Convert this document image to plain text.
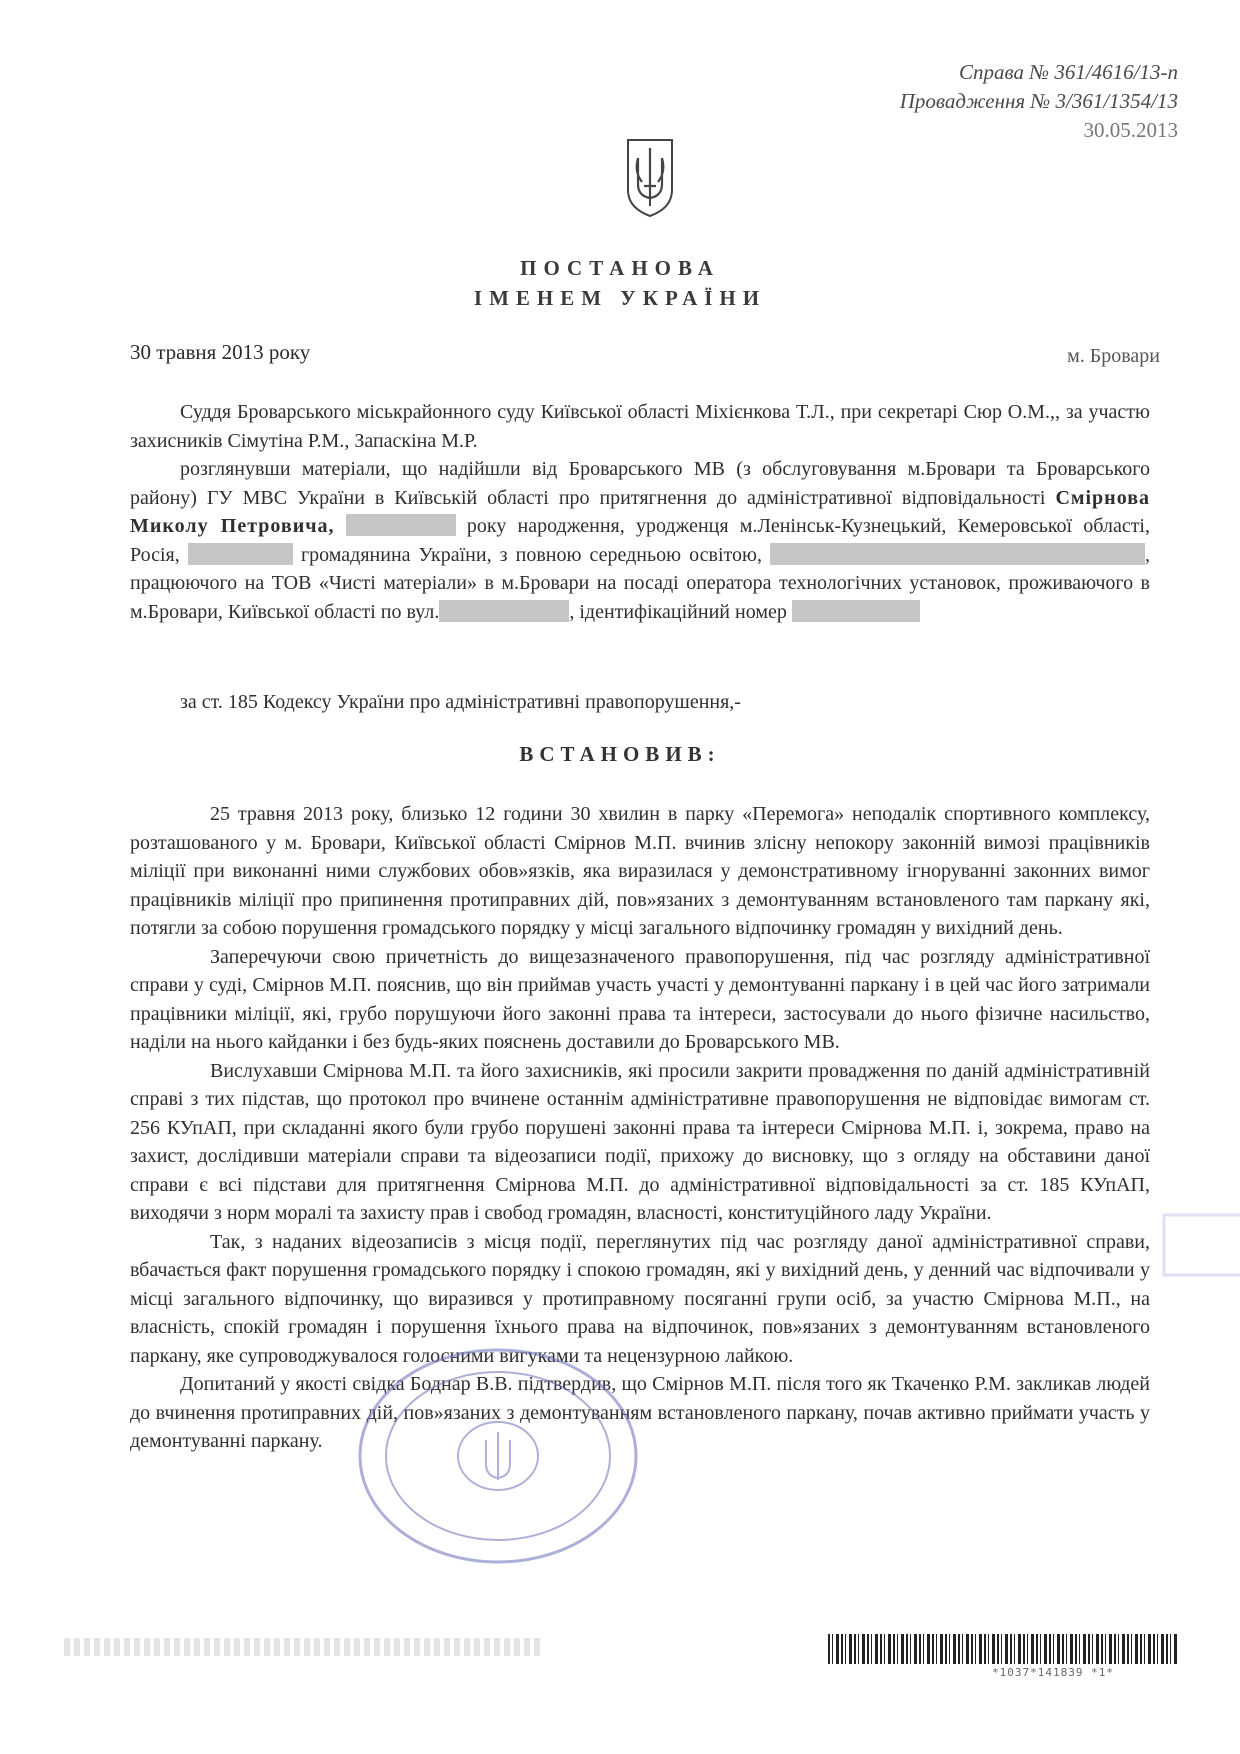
Справа № 361/4616/13-п
Провадження № 3/361/1354/13
30.05.2013
ПОСТАНОВА
ІМЕНЕМ УКРАЇНИ
30 травня 2013 року	м. Бровари

Суддя Броварського міськрайонного суду Київської області Міхієнкова Т.Л., при секретарі Сюр О.М.,, за участю захисників Сімутіна Р.М., Запаскіна М.Р.

розглянувши матеріали, що надійшли від Броварського МВ (з обслуговування м.Бровари та Броварського району) ГУ МВС України в Київській області про притягнення до адміністративної відповідальності Смірнова Миколу Петровича,	року народження, уродженця м.Ленінськ-Кузнецький, Кемеровської області, Росія,	громадянина України, з повною середньою освітою,	, працюючого на ТОВ «Чисті матеріали» в м.Бровари на посаді оператора технологічних установок, проживаючого в м.Бровари, Київської області по вул.	, ідентифікаційний номер

за ст. 185 Кодексу України про адміністративні правопорушення,-

ВСТАНОВИВ:

25 травня 2013 року, близько 12 години 30 хвилин в парку «Перемога» неподалік спортивного комплексу, розташованого у м. Бровари, Київської області Смірнов М.П. вчинив злісну непокору законній вимозі працівників міліції при виконанні ними службових обов»язків, яка виразилася у демонстративному ігноруванні законних вимог працівників міліції про припинення протиправних дій, пов»язаних з демонтуванням встановленого там паркану які, потягли за собою порушення громадського порядку у місці загального відпочинку громадян у вихідний день.

Заперечуючи свою причетність до вищезазначеного правопорушення, під час розгляду адміністративної справи у суді, Смірнов М.П. пояснив, що він приймав участь участі у демонтуванні паркану і в цей час його затримали працівники міліції, які, грубо порушуючи його законні права та інтереси, застосували до нього фізичне насильство, наділи на нього кайданки і без будь-яких пояснень доставили до Броварського МВ.

Вислухавши Смірнова М.П. та його захисників, які просили закрити провадження по даній адміністративній справі з тих підстав, що протокол про вчинене останнім адміністративне правопорушення не відповідає вимогам ст. 256 КУпАП, при складанні якого були грубо порушені законні права та інтереси Смірнова М.П. і, зокрема, право на захист, дослідивши матеріали справи та відеозаписи події, прихожу до висновку, що з огляду на обставини даної справи є всі підстави для притягнення Смірнова М.П. до адміністративної відповідальності за ст. 185 КУпАП, виходячи з норм моралі та захисту прав і свобод громадян, власності, конституційного ладу України.

Так, з наданих відеозаписів з місця події, переглянутих під час розгляду даної адміністративної справи, вбачається факт порушення громадського порядку і спокою громадян, які у вихідний день, у денний час відпочивали у місці загального відпочинку, що виразився у протиправному посяганні групи осіб, за участю Смірнова М.П., на власність, спокій громадян і порушення їхнього права на відпочинок, пов»язаних з демонтуванням встановленого паркану, яке супроводжувалося голосними вигуками та нецензурною лайкою.

Допитаний у якості свідка Боднар В.В. підтвердив, що Смірнов М.П. після того як Ткаченко Р.М. закликав людей до вчинення протиправних дій, пов»язаних з демонтуванням встановленого паркану, почав активно приймати участь у демонтуванні паркану.

*1037*141839 *1*
